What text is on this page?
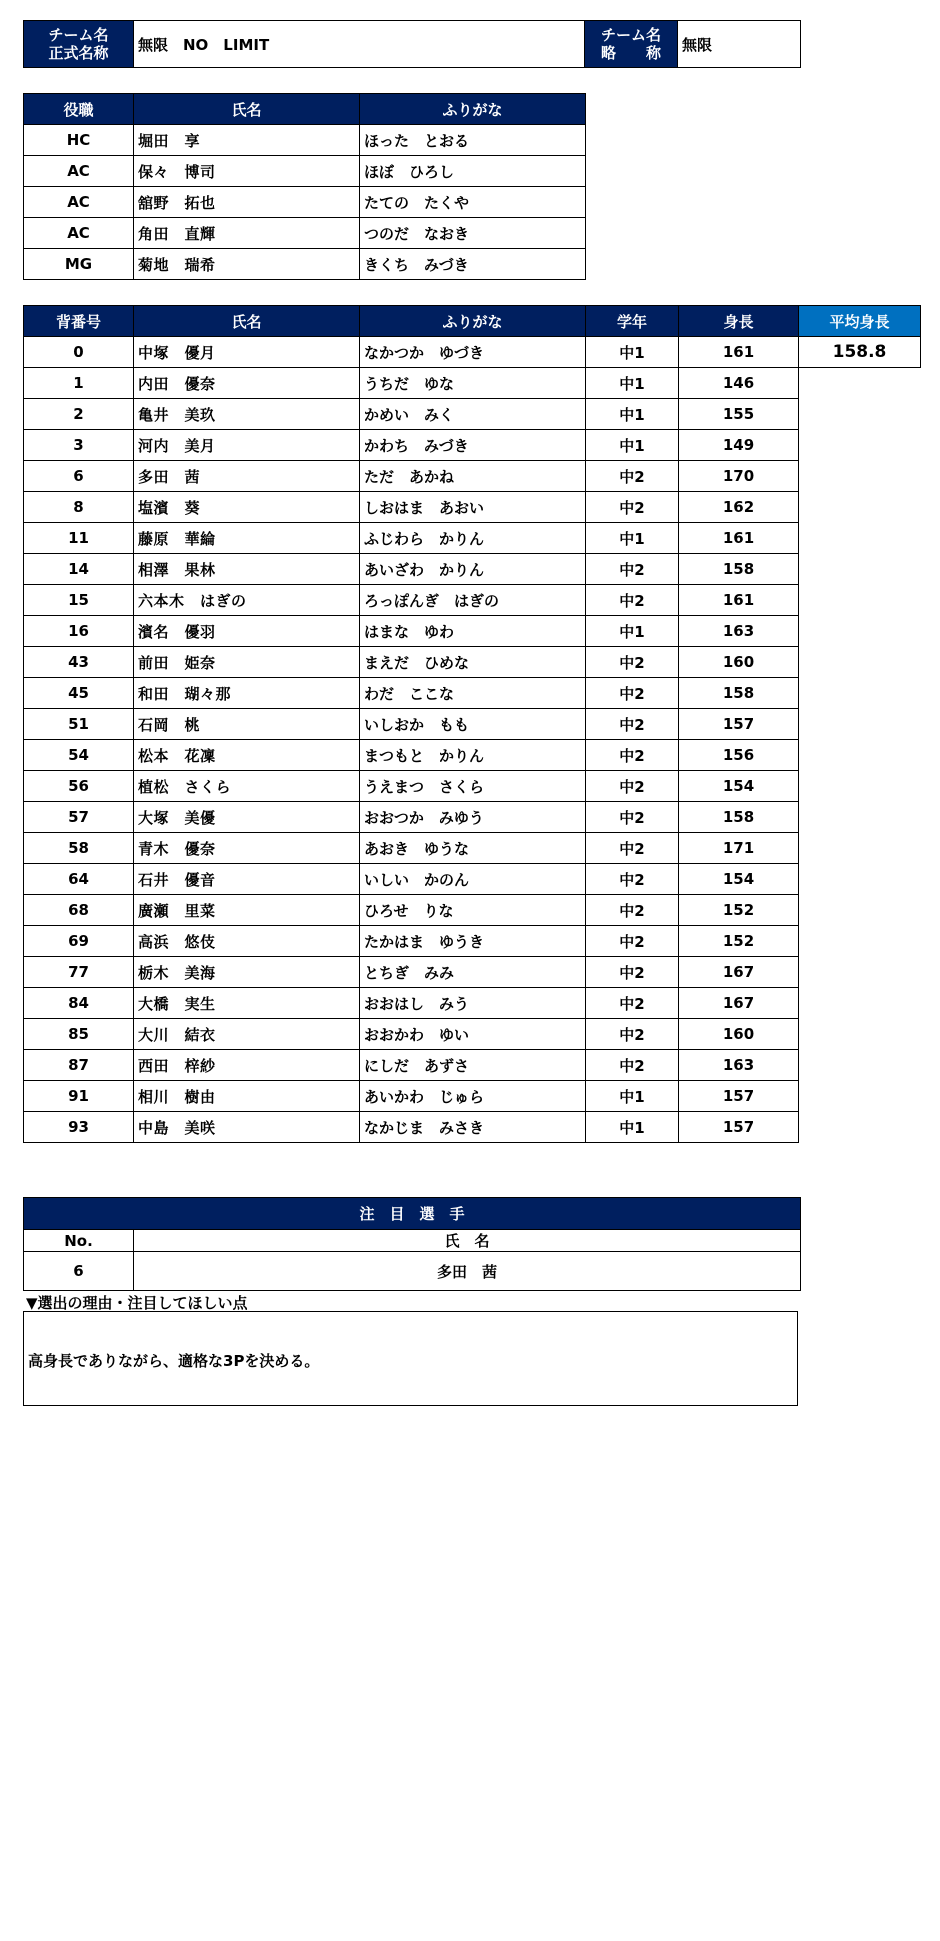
チーム名
正式名称	無限　NO　LIMIT	
チーム名
略　　称	無限
役職	氏名	ふりがな
HC	堀田　享	ほった　とおる
AC	保々　博司	ほぼ　ひろし
AC	舘野　拓也	たての　たくや
AC	角田　直輝	つのだ　なおき
MG	菊地　瑞希	きくち　みづき
背番号	氏名	ふりがな	学年	身長	平均身長
0	中塚　優月	なかつか　ゆづき	中1	161	158.8
1	内田　優奈	うちだ　ゆな	中1	146	
2	亀井　美玖	かめい　みく	中1	155	
3	河内　美月	かわち　みづき	中1	149	
6	多田　茜	ただ　あかね	中2	170	
8	塩濱　葵	しおはま　あおい	中2	162	
11	藤原　華綸	ふじわら　かりん	中1	161	
14	相澤　果林	あいざわ　かりん	中2	158	
15	六本木　はぎの	ろっぽんぎ　はぎの	中2	161	
16	濱名　優羽	はまな　ゆわ	中1	163	
43	前田　姫奈	まえだ　ひめな	中2	160	
45	和田　瑚々那	わだ　ここな	中2	158	
51	石岡　桃	いしおか　もも	中2	157	
54	松本　花凜	まつもと　かりん	中2	156	
56	植松　さくら	うえまつ　さくら	中2	154	
57	大塚　美優	おおつか　みゆう	中2	158	
58	青木　優奈	あおき　ゆうな	中2	171	
64	石井　優音	いしい　かのん	中2	154	
68	廣瀬　里菜	ひろせ　りな	中2	152	
69	高浜　悠伎	たかはま　ゆうき	中2	152	
77	栃木　美海	とちぎ　みみ	中2	167	
84	大橋　実生	おおはし　みう	中2	167	
85	大川　結衣	おおかわ　ゆい	中2	160	
87	西田　梓紗	にしだ　あずさ	中2	163	
91	相川　樹由	あいかわ　じゅら	中1	157	
93	中島　美咲	なかじま　みさき	中1	157	
注　目　選　手	
No.	氏　名
6	多田　茜
▼選出の理由・注目してほしい点
高身長でありながら、適格な3Pを決める。
